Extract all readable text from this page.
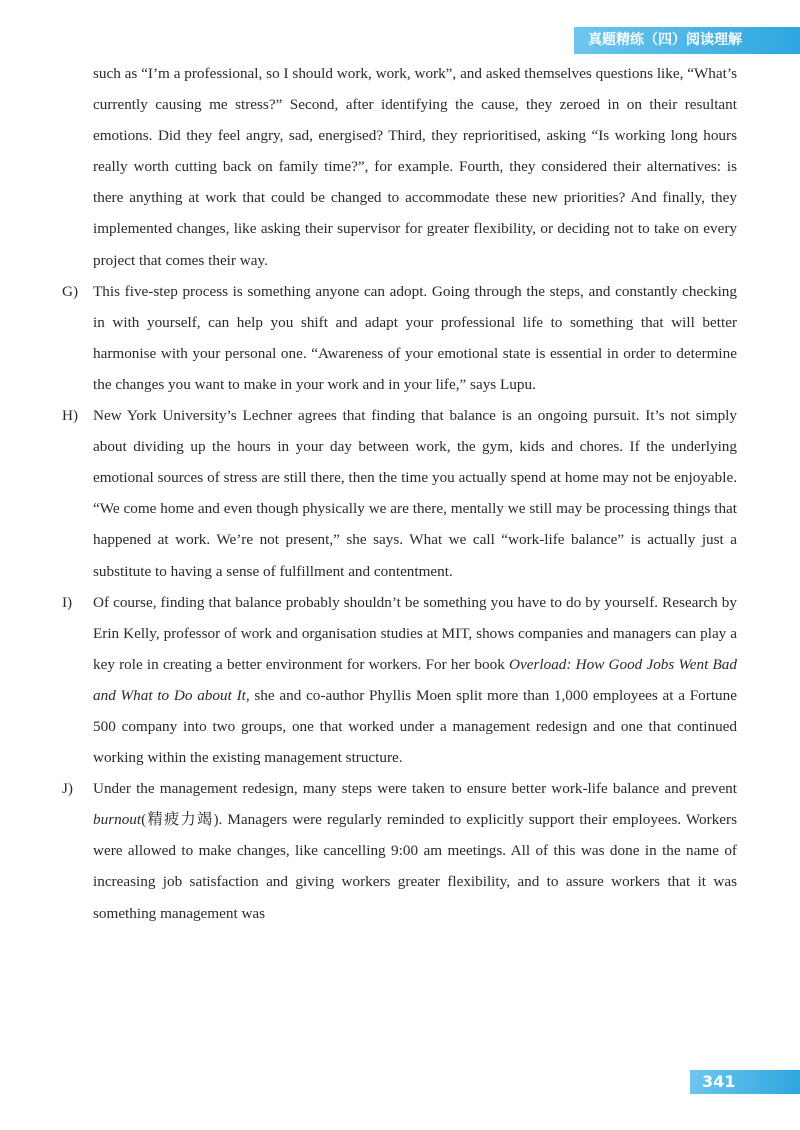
真题精练（四）阅读理解

such as “I’m a professional, so I should work, work, work”, and asked themselves questions like, “What’s currently causing me stress?” Second, after identifying the cause, they zeroed in on their resultant emotions. Did they feel angry, sad, energised? Third, they reprioritised, asking “Is working long hours really worth cutting back on family time?”, for example. Fourth, they considered their alternatives: is there anything at work that could be changed to accommodate these new priorities? And finally, they implemented changes, like asking their supervisor for greater flexibility, or deciding not to take on every project that comes their way.

G) This five-step process is something anyone can adopt. Going through the steps, and constantly checking in with yourself, can help you shift and adapt your professional life to something that will better harmonise with your personal one. “Awareness of your emotional state is essential in order to determine the changes you want to make in your work and in your life,” says Lupu.

H) New York University’s Lechner agrees that finding that balance is an ongoing pursuit. It’s not simply about dividing up the hours in your day between work, the gym, kids and chores. If the underlying emotional sources of stress are still there, then the time you actually spend at home may not be enjoyable. “We come home and even though physically we are there, mentally we still may be processing things that happened at work. We’re not present,” she says. What we call “work-life balance” is actually just a substitute to having a sense of fulfillment and contentment.

I) Of course, finding that balance probably shouldn’t be something you have to do by yourself. Research by Erin Kelly, professor of work and organisation studies at MIT, shows companies and managers can play a key role in creating a better environment for workers. For her book Overload: How Good Jobs Went Bad and What to Do about It, she and co-author Phyllis Moen split more than 1,000 employees at a Fortune 500 company into two groups, one that worked under a management redesign and one that continued working within the existing management structure.

J) Under the management redesign, many steps were taken to ensure better work-life balance and prevent burnout(精疲力竭). Managers were regularly reminded to explicitly support their employees. Workers were allowed to make changes, like cancelling 9:00 am meetings. All of this was done in the name of increasing job satisfaction and giving workers greater flexibility, and to assure workers that it was something management was

341
